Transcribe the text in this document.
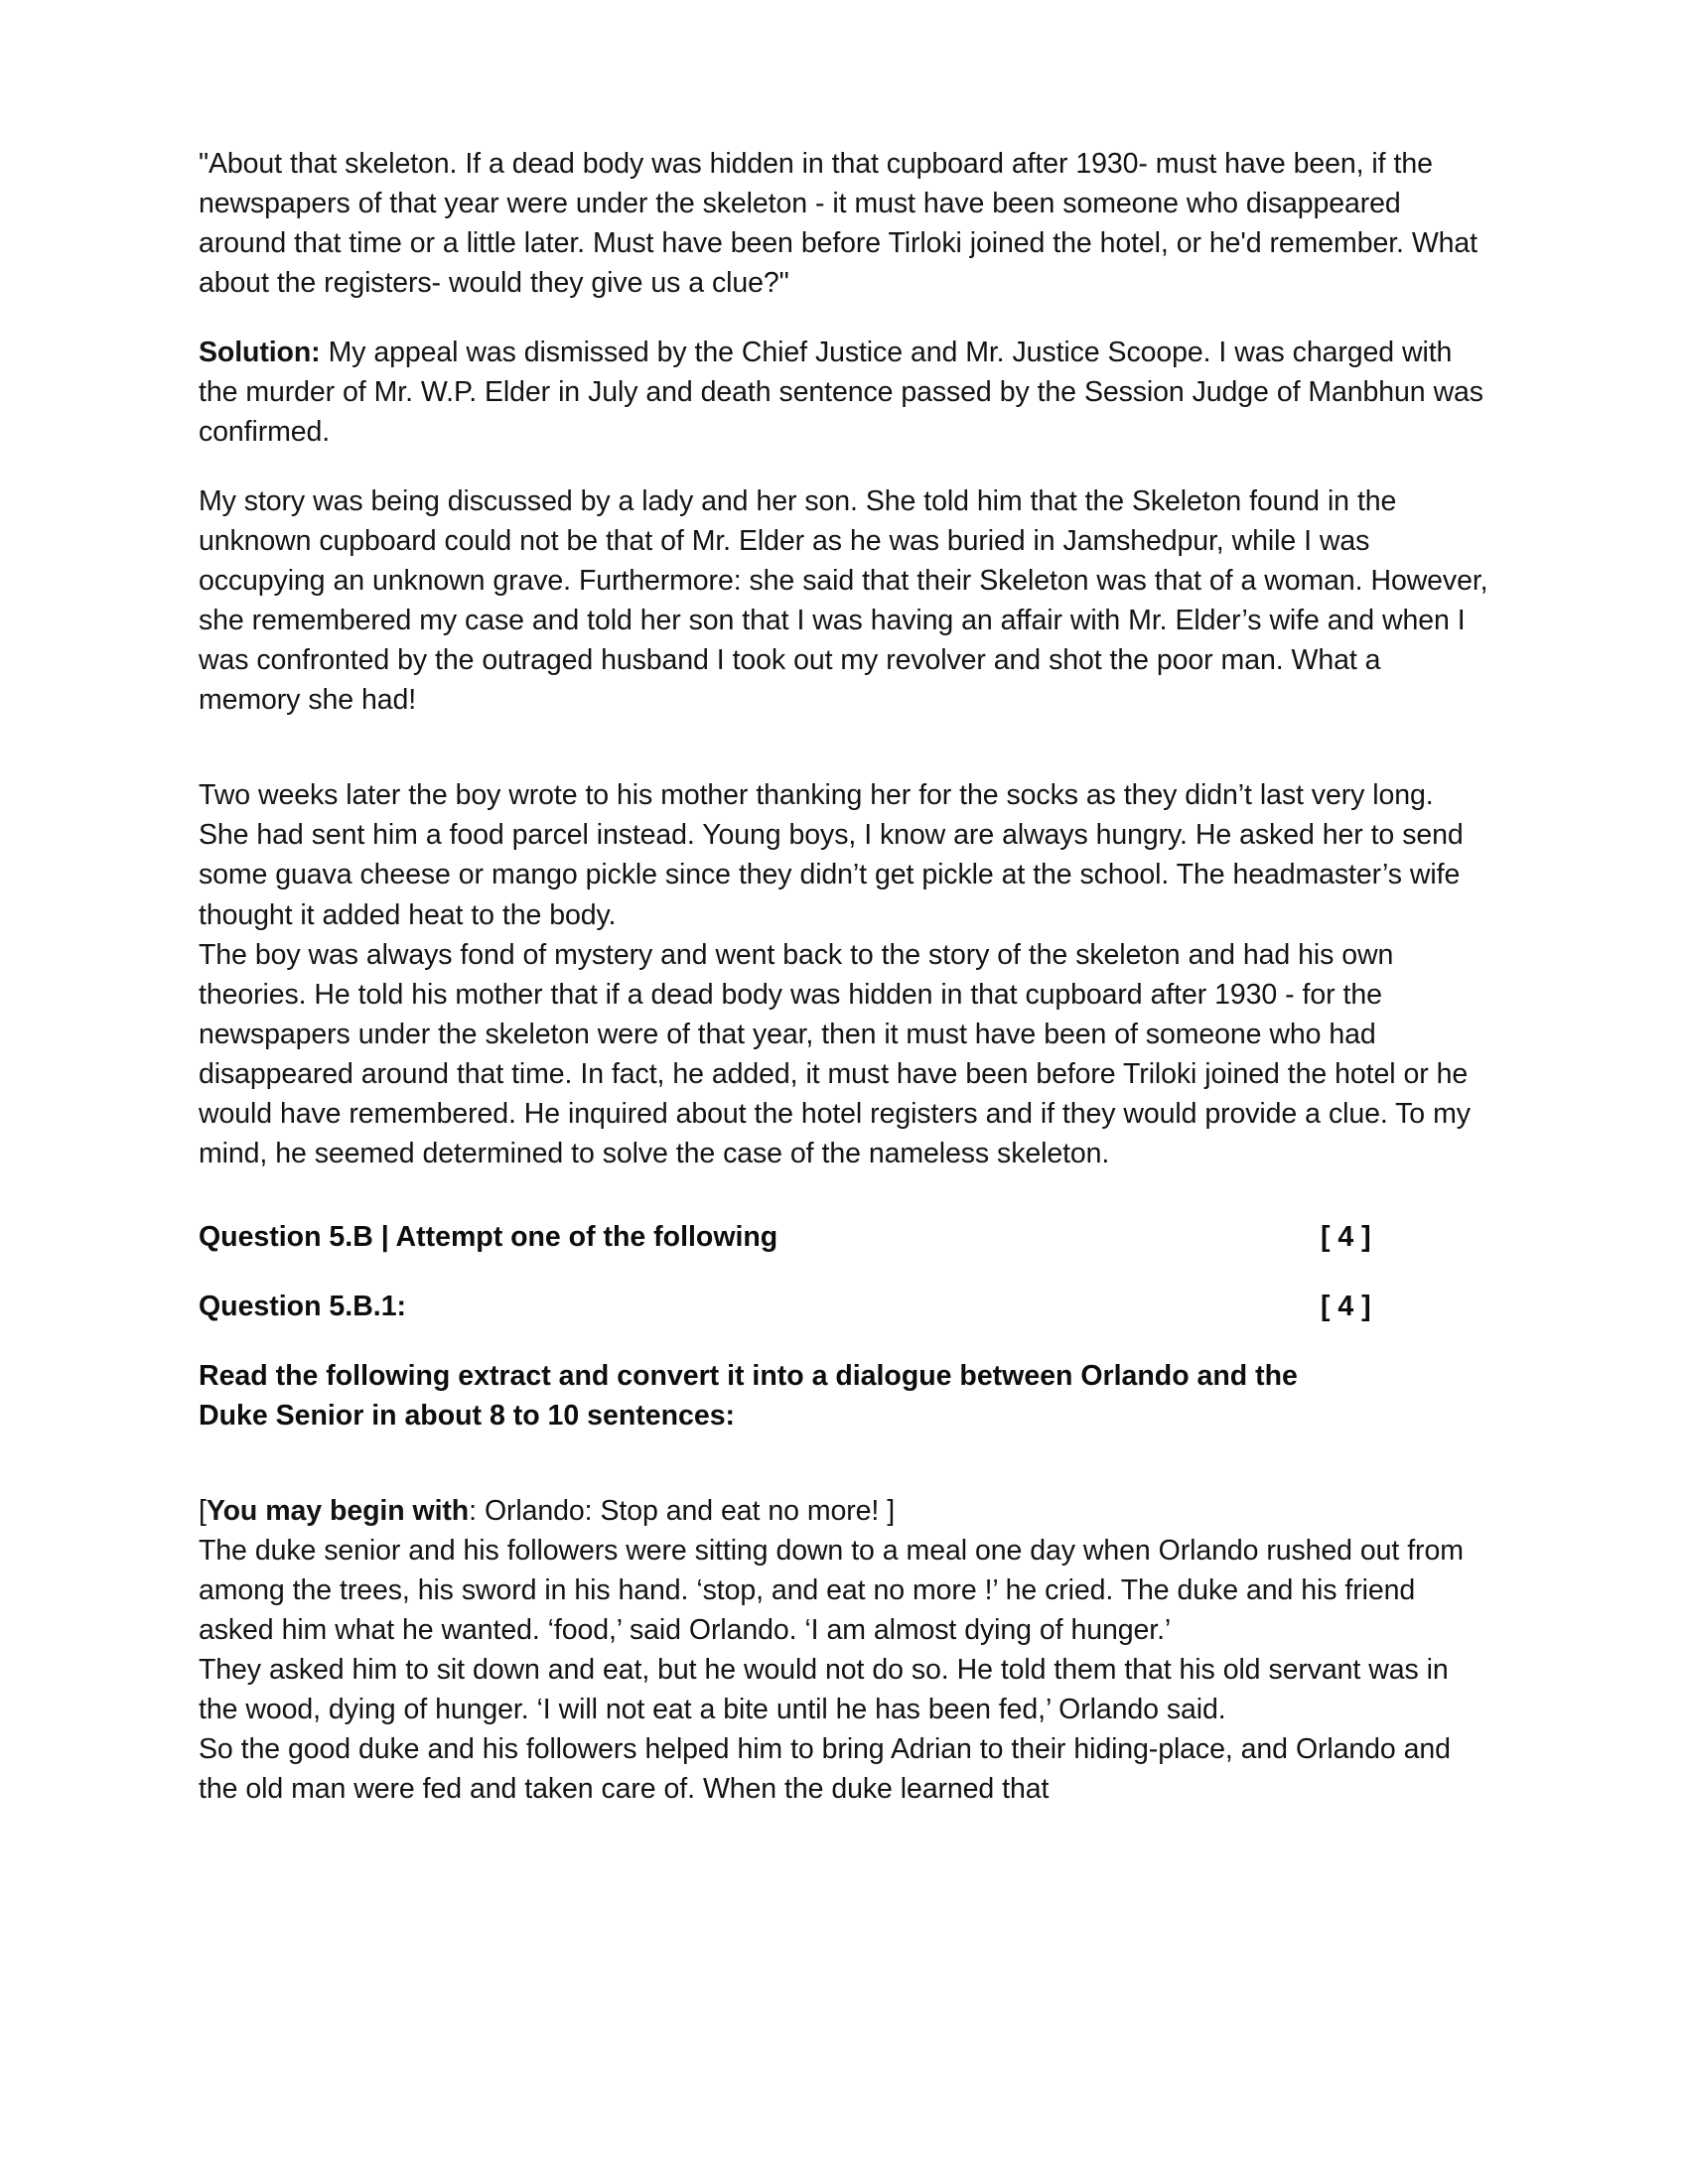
"About that skeleton. If a dead body was hidden in that cupboard after 1930- must have been, if the newspapers of that year were under the skeleton - it must have been someone who disappeared around that time or a little later. Must have been before Tirloki joined the hotel, or he'd remember. What about the registers- would they give us a clue?"

Solution: My appeal was dismissed by the Chief Justice and Mr. Justice Scoope. I was charged with the murder of Mr. W.P. Elder in July and death sentence passed by the Session Judge of Manbhun was confirmed.

My story was being discussed by a lady and her son. She told him that the Skeleton found in the unknown cupboard could not be that of Mr. Elder as he was buried in Jamshedpur, while I was occupying an unknown grave. Furthermore: she said that their Skeleton was that of a woman. However, she remembered my case and told her son that I was having an affair with Mr. Elder’s wife and when I was confronted by the outraged husband I took out my revolver and shot the poor man. What a memory she had!

Two weeks later the boy wrote to his mother thanking her for the socks as they didn’t last very long. She had sent him a food parcel instead. Young boys, I know are always hungry. He asked her to send some guava cheese or mango pickle since they didn’t get pickle at the school. The headmaster’s wife thought it added heat to the body.

The boy was always fond of mystery and went back to the story of the skeleton and had his own theories. He told his mother that if a dead body was hidden in that cupboard after 1930 - for the newspapers under the skeleton were of that year, then it must have been of someone who had disappeared around that time. In fact, he added, it must have been before Triloki joined the hotel or he would have remembered. He inquired about the hotel registers and if they would provide a clue. To my mind, he seemed determined to solve the case of the nameless skeleton.

Question 5.B | Attempt one of the following	[ 4 ]
Question 5.B.1:	[ 4 ]

Read the following extract and convert it into a dialogue between Orlando and the Duke Senior in about 8 to 10 sentences:

[You may begin with: Orlando: Stop and eat no more! ]

The duke senior and his followers were sitting down to a meal one day when Orlando rushed out from among the trees, his sword in his hand. ‘stop, and eat no more !’ he cried. The duke and his friend asked him what he wanted. ‘food,’ said Orlando. ‘I am almost dying of hunger.’

They asked him to sit down and eat, but he would not do so. He told them that his old servant was in the wood, dying of hunger. ‘I will not eat a bite until he has been fed,’ Orlando said.

So the good duke and his followers helped him to bring Adrian to their hiding-place, and Orlando and the old man were fed and taken care of. When the duke learned that
